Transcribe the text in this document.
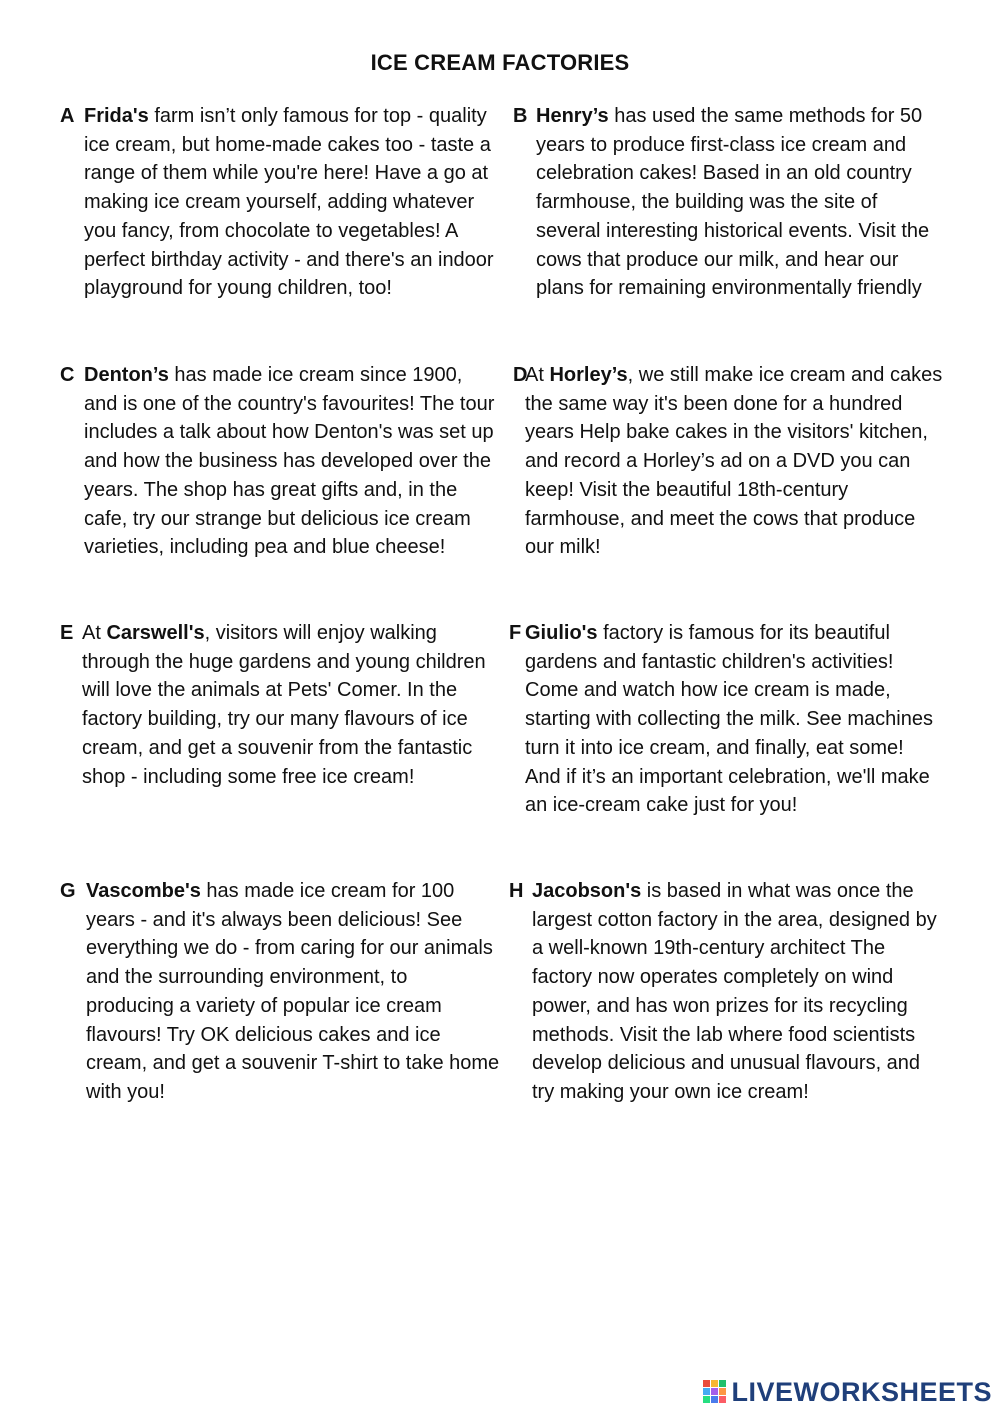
ICE CREAM FACTORIES
A Frida's farm isn’t only famous for top - quality ice cream, but home-made cakes too - taste a range of them while you're here! Have a go at making ice cream yourself, adding whatever you fancy, from chocolate to vegetables! A perfect birthday activity - and there's an indoor playground for young children, too!

C Denton’s has made ice cream since 1900, and is one of the country's favourites! The tour includes a talk about how Denton's was set up and how the business has developed over the years. The shop has great gifts and, in the cafe, try our strange but delicious ice cream varieties, including pea and blue cheese!

E At Carswell's, visitors will enjoy walking through the huge gardens and young children will love the animals at Pets' Comer. In the factory building, try our many flavours of ice cream, and get a souvenir from the fantastic shop - including some free ice cream!

G Vascombe's has made ice cream for 100 years - and it's always been delicious! See everything we do - from caring for our animals and the surrounding environment, to producing a variety of popular ice cream flavours! Try OK delicious cakes and ice cream, and get a souvenir T-shirt to take home with you!

B Henry’s has used the same methods for 50 years to produce first-class ice cream and celebration cakes! Based in an old country farmhouse, the building was the site of several interesting historical events. Visit the cows that produce our milk, and hear our plans for remaining environmentally friendly

D

At Horley’s, we still make ice cream and cakes the same way it's been done for a hundred years Help bake cakes in the visitors' kitchen, and record a Horley’s ad on a DVD you can keep! Visit the beautiful 18th-century farmhouse, and meet the cows that produce our milk!

F Giulio's factory is famous for its beautiful gardens and fantastic children's activities! Come and watch how ice cream is made, starting with collecting the milk. See machines turn it into ice cream, and finally, eat some! And if it’s an important celebration, we'll make an ice-cream cake just for you!

H Jacobson's is based in what was once the largest cotton factory in the area, designed by a well-known 19th-century architect The factory now operates completely on wind power, and has won prizes for its recycling methods. Visit the lab where food scientists develop delicious and unusual flavours, and try making your own ice cream!

LIVEWORKSHEETS
